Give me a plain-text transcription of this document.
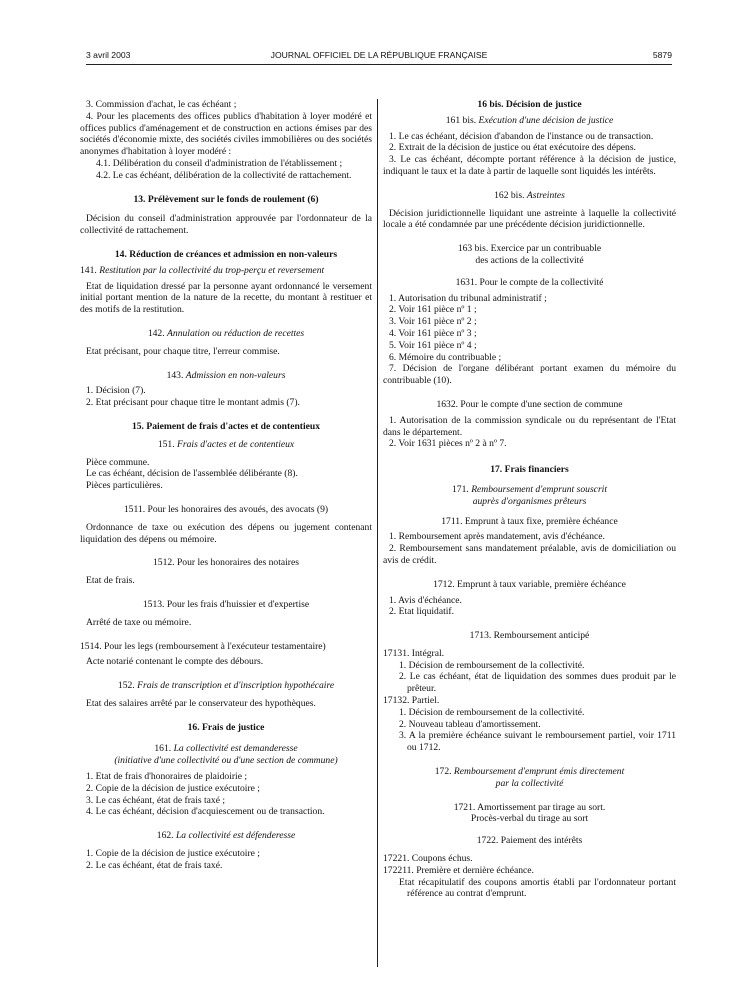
3 avril 2003	JOURNAL OFFICIEL DE LA RÉPUBLIQUE FRANÇAISE	5879

3. Commission d'achat, le cas échéant ;

4. Pour les placements des offices publics d'habitation à loyer modéré et offices publics d'aménagement et de construction en actions émises par des sociétés d'économie mixte, des sociétés civiles immobilières ou des sociétés anonymes d'habitation à loyer modéré :

4.1. Délibération du conseil d'administration de l'établissement ;

4.2. Le cas échéant, délibération de la collectivité de rattachement.

13. Prélèvement sur le fonds de roulement (6)

Décision du conseil d'administration approuvée par l'ordonnateur de la collectivité de rattachement.

14. Réduction de créances et admission en non-valeurs

141. Restitution par la collectivité du trop-perçu et reversement

Etat de liquidation dressé par la personne ayant ordonnancé le versement initial portant mention de la nature de la recette, du montant à restituer et des motifs de la restitution.

142. Annulation ou réduction de recettes

Etat précisant, pour chaque titre, l'erreur commise.

143. Admission en non-valeurs

1. Décision (7).

2. Etat précisant pour chaque titre le montant admis (7).

15. Paiement de frais d'actes et de contentieux

151. Frais d'actes et de contentieux

Pièce commune.

Le cas échéant, décision de l'assemblée délibérante (8).

Pièces particulières.

1511. Pour les honoraires des avoués, des avocats (9)

Ordonnance de taxe ou exécution des dépens ou jugement contenant liquidation des dépens ou mémoire.

1512. Pour les honoraires des notaires

Etat de frais.

1513. Pour les frais d'huissier et d'expertise

Arrêté de taxe ou mémoire.

1514. Pour les legs (remboursement à l'exécuteur testamentaire)

Acte notarié contenant le compte des débours.

152. Frais de transcription et d'inscription hypothécaire

Etat des salaires arrêté par le conservateur des hypothèques.

16. Frais de justice

161. La collectivité est demanderesse

(initiative d'une collectivité ou d'une section de commune)

1. Etat de frais d'honoraires de plaidoirie ;

2. Copie de la décision de justice exécutoire ;

3. Le cas échéant, état de frais taxé ;

4. Le cas échéant, décision d'acquiescement ou de transaction.

162. La collectivité est défenderesse

1. Copie de la décision de justice exécutoire ;

2. Le cas échéant, état de frais taxé.

16 bis. Décision de justice

161 bis. Exécution d'une décision de justice

1. Le cas échéant, décision d'abandon de l'instance ou de transaction.

2. Extrait de la décision de justice ou état exécutoire des dépens.

3. Le cas échéant, décompte portant référence à la décision de justice, indiquant le taux et la date à partir de laquelle sont liquidés les intérêts.

162 bis. Astreintes

Décision juridictionnelle liquidant une astreinte à laquelle la collectivité locale a été condamnée par une précédente décision juridictionnelle.

163 bis. Exercice par un contribuable

des actions de la collectivité

1631. Pour le compte de la collectivité

1. Autorisation du tribunal administratif ;

2. Voir 161 pièce nº 1 ;

3. Voir 161 pièce nº 2 ;

4. Voir 161 pièce nº 3 ;

5. Voir 161 pièce nº 4 ;

6. Mémoire du contribuable ;

7. Décision de l'organe délibérant portant examen du mémoire du contribuable (10).

1632. Pour le compte d'une section de commune

1. Autorisation de la commission syndicale ou du représentant de l'Etat dans le département.

2. Voir 1631 pièces nº 2 à nº 7.

17. Frais financiers

171. Remboursement d'emprunt souscrit

auprès d'organismes prêteurs

1711. Emprunt à taux fixe, première échéance

1. Remboursement après mandatement, avis d'échéance.

2. Remboursement sans mandatement préalable, avis de domiciliation ou avis de crédit.

1712. Emprunt à taux variable, première échéance

1. Avis d'échéance.

2. Etat liquidatif.

1713. Remboursement anticipé

17131. Intégral.

1. Décision de remboursement de la collectivité.

2. Le cas échéant, état de liquidation des sommes dues produit par le prêteur.

17132. Partiel.

1. Décision de remboursement de la collectivité.

2. Nouveau tableau d'amortissement.

3. A la première échéance suivant le remboursement partiel, voir 1711 ou 1712.

172. Remboursement d'emprunt émis directement

par la collectivité

1721. Amortissement par tirage au sort.

Procès-verbal du tirage au sort

1722. Paiement des intérêts

17221. Coupons échus.

172211. Première et dernière échéance.

Etat récapitulatif des coupons amortis établi par l'ordonnateur portant référence au contrat d'emprunt.
